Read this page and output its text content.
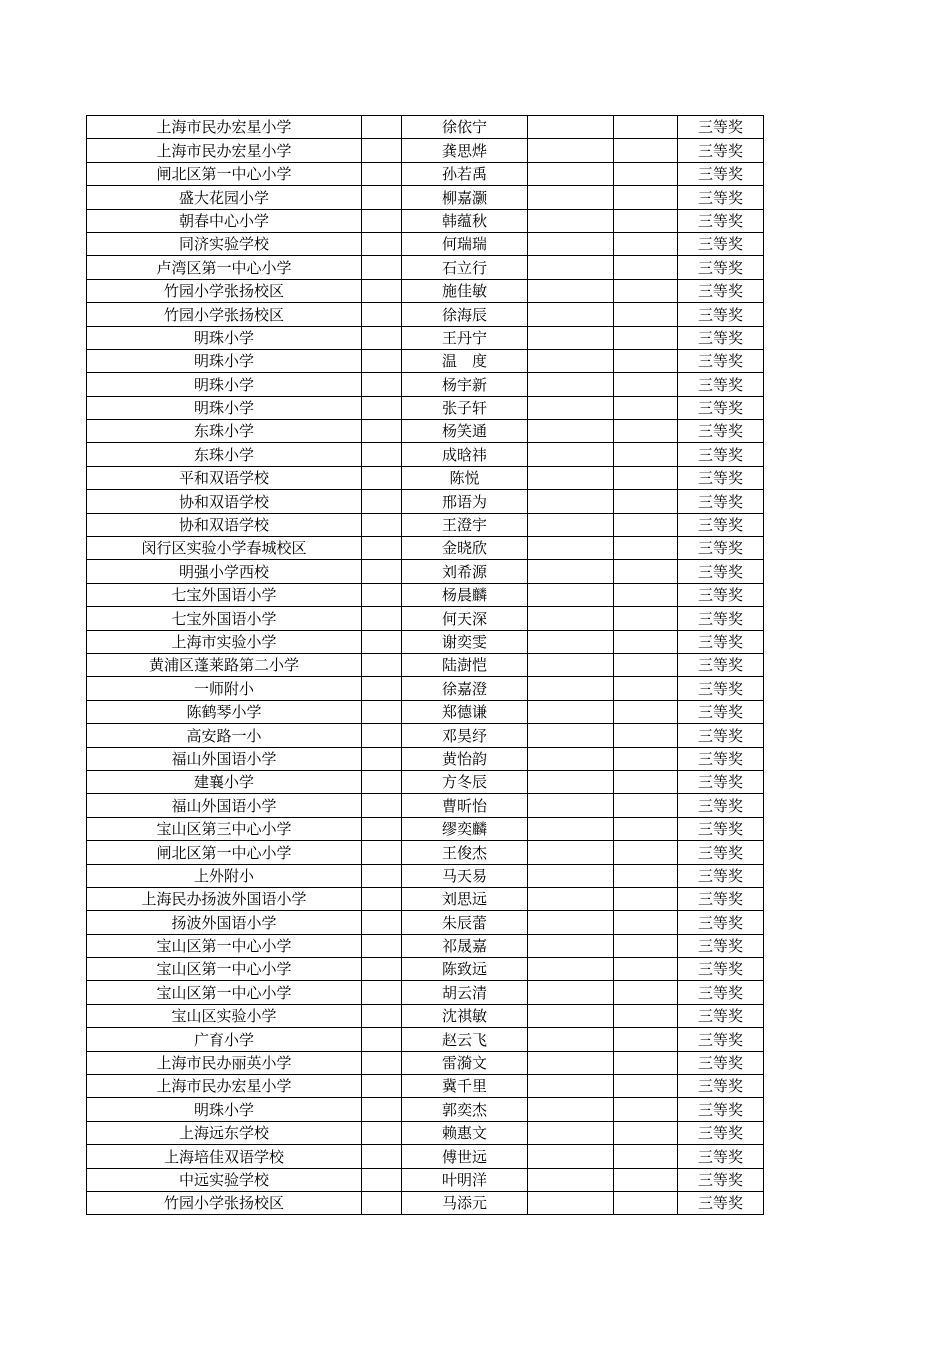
上海市民办宏星小学		徐依宁			三等奖
上海市民办宏星小学		龚思烨			三等奖
闸北区第一中心小学		孙若禹			三等奖
盛大花园小学		柳嘉灏			三等奖
朝春中心小学		韩蕴秋			三等奖
同济实验学校		何瑞瑞			三等奖
卢湾区第一中心小学		石立行			三等奖
竹园小学张扬校区		施佳敏			三等奖
竹园小学张扬校区		徐海辰			三等奖
明珠小学		王丹宁			三等奖
明珠小学		温　度			三等奖
明珠小学		杨宇新			三等奖
明珠小学		张子轩			三等奖
东珠小学		杨笑通			三等奖
东珠小学		成晗祎			三等奖
平和双语学校		陈悦			三等奖
协和双语学校		邢语为			三等奖
协和双语学校		王澄宇			三等奖
闵行区实验小学春城校区		金晓欣			三等奖
明强小学西校		刘希源			三等奖
七宝外国语小学		杨晨麟			三等奖
七宝外国语小学		何天深			三等奖
上海市实验小学		谢奕雯			三等奖
黄浦区蓬莱路第二小学		陆澍恺			三等奖
一师附小		徐嘉澄			三等奖
陈鹤琴小学		郑德谦			三等奖
高安路一小		邓昊纾			三等奖
福山外国语小学		黄怡韵			三等奖
建襄小学		方冬辰			三等奖
福山外国语小学		曹昕怡			三等奖
宝山区第三中心小学		缪奕麟			三等奖
闸北区第一中心小学		王俊杰			三等奖
上外附小		马天易			三等奖
上海民办扬波外国语小学		刘思远			三等奖
扬波外国语小学		朱辰蕾			三等奖
宝山区第一中心小学		祁晟嘉			三等奖
宝山区第一中心小学		陈致远			三等奖
宝山区第一中心小学		胡云清			三等奖
宝山区实验小学		沈祺敏			三等奖
广育小学		赵云飞			三等奖
上海市民办丽英小学		雷漪文			三等奖
上海市民办宏星小学		冀千里			三等奖
明珠小学		郭奕杰			三等奖
上海远东学校		赖惠文			三等奖
上海培佳双语学校		傅世远			三等奖
中远实验学校		叶明洋			三等奖
竹园小学张扬校区		马添元			三等奖
